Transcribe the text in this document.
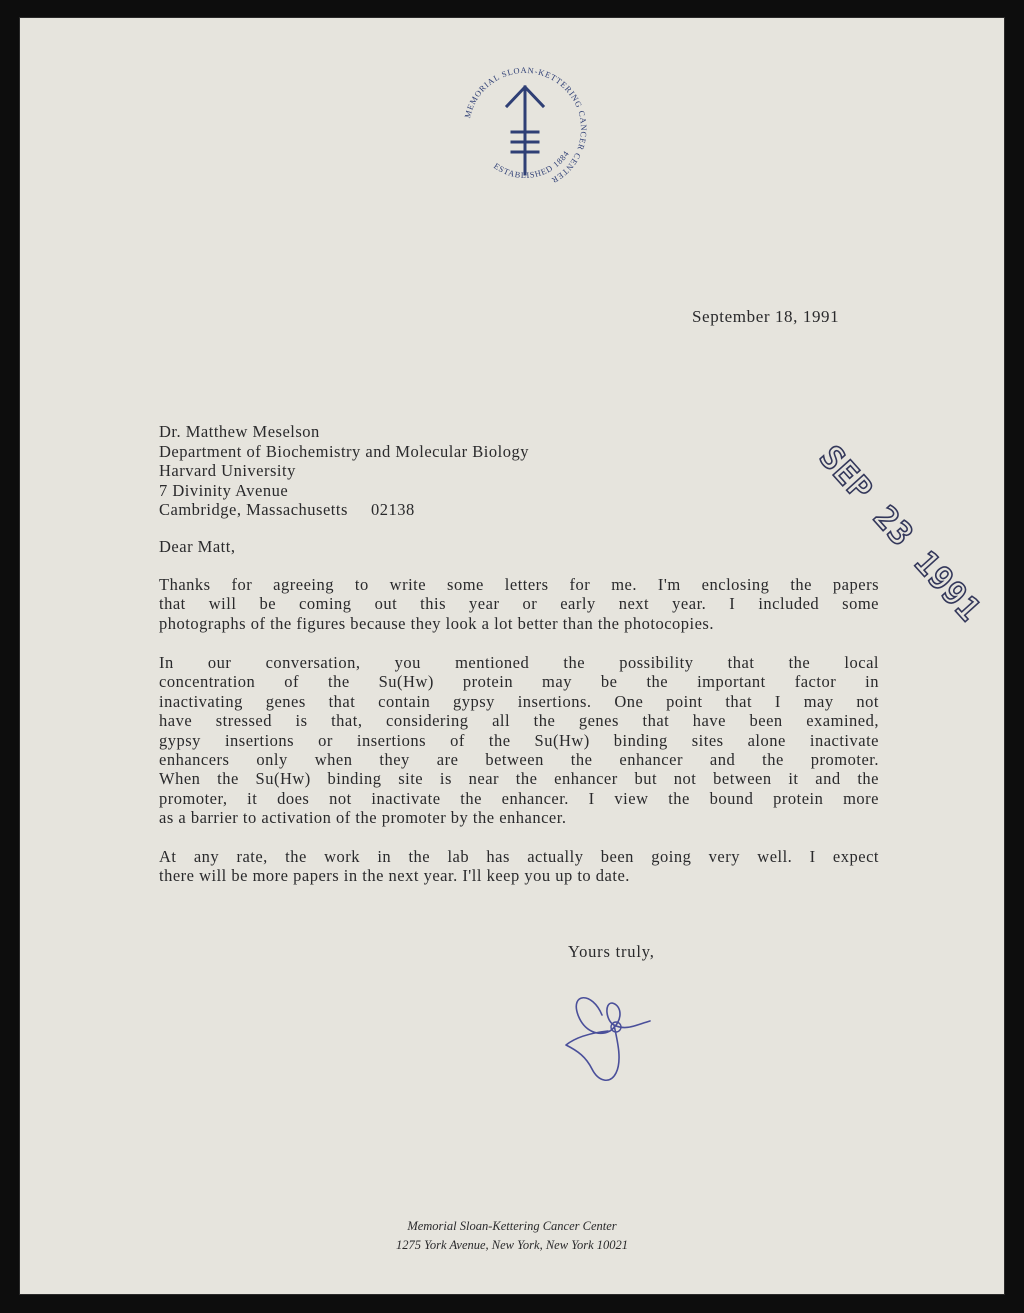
MEMORIAL SLOAN-KETTERING CANCER CENTER
ESTABLISHED 1884
September 18, 1991
Dr. Matthew Meselson
Department of Biochemistry and Molecular Biology
Harvard University
7 Divinity Avenue
Cambridge, Massachusetts     02138	SEP 23 1991
Dear Matt,
Thanks for agreeing to write some letters for me. I'm enclosing the papers
that will be coming out this year or early next year. I included some
photographs of the figures because they look a lot better than the photocopies.
In our conversation, you mentioned the possibility that the local
concentration of the Su(Hw) protein may be the important factor in
inactivating genes that contain gypsy insertions. One point that I may not
have stressed is that, considering all the genes that have been examined,
gypsy insertions or insertions of the Su(Hw) binding sites alone inactivate
enhancers only when they are between the enhancer and the promoter.
When the Su(Hw) binding site is near the enhancer but not between it and the
promoter, it does not inactivate the enhancer. I view the bound protein more
as a barrier to activation of the promoter by the enhancer.
At any rate, the work in the lab has actually been going very well. I expect
there will be more papers in the next year. I'll keep you up to date.
Yours truly,
Memorial Sloan-Kettering Cancer Center
1275 York Avenue, New York, New York 10021
